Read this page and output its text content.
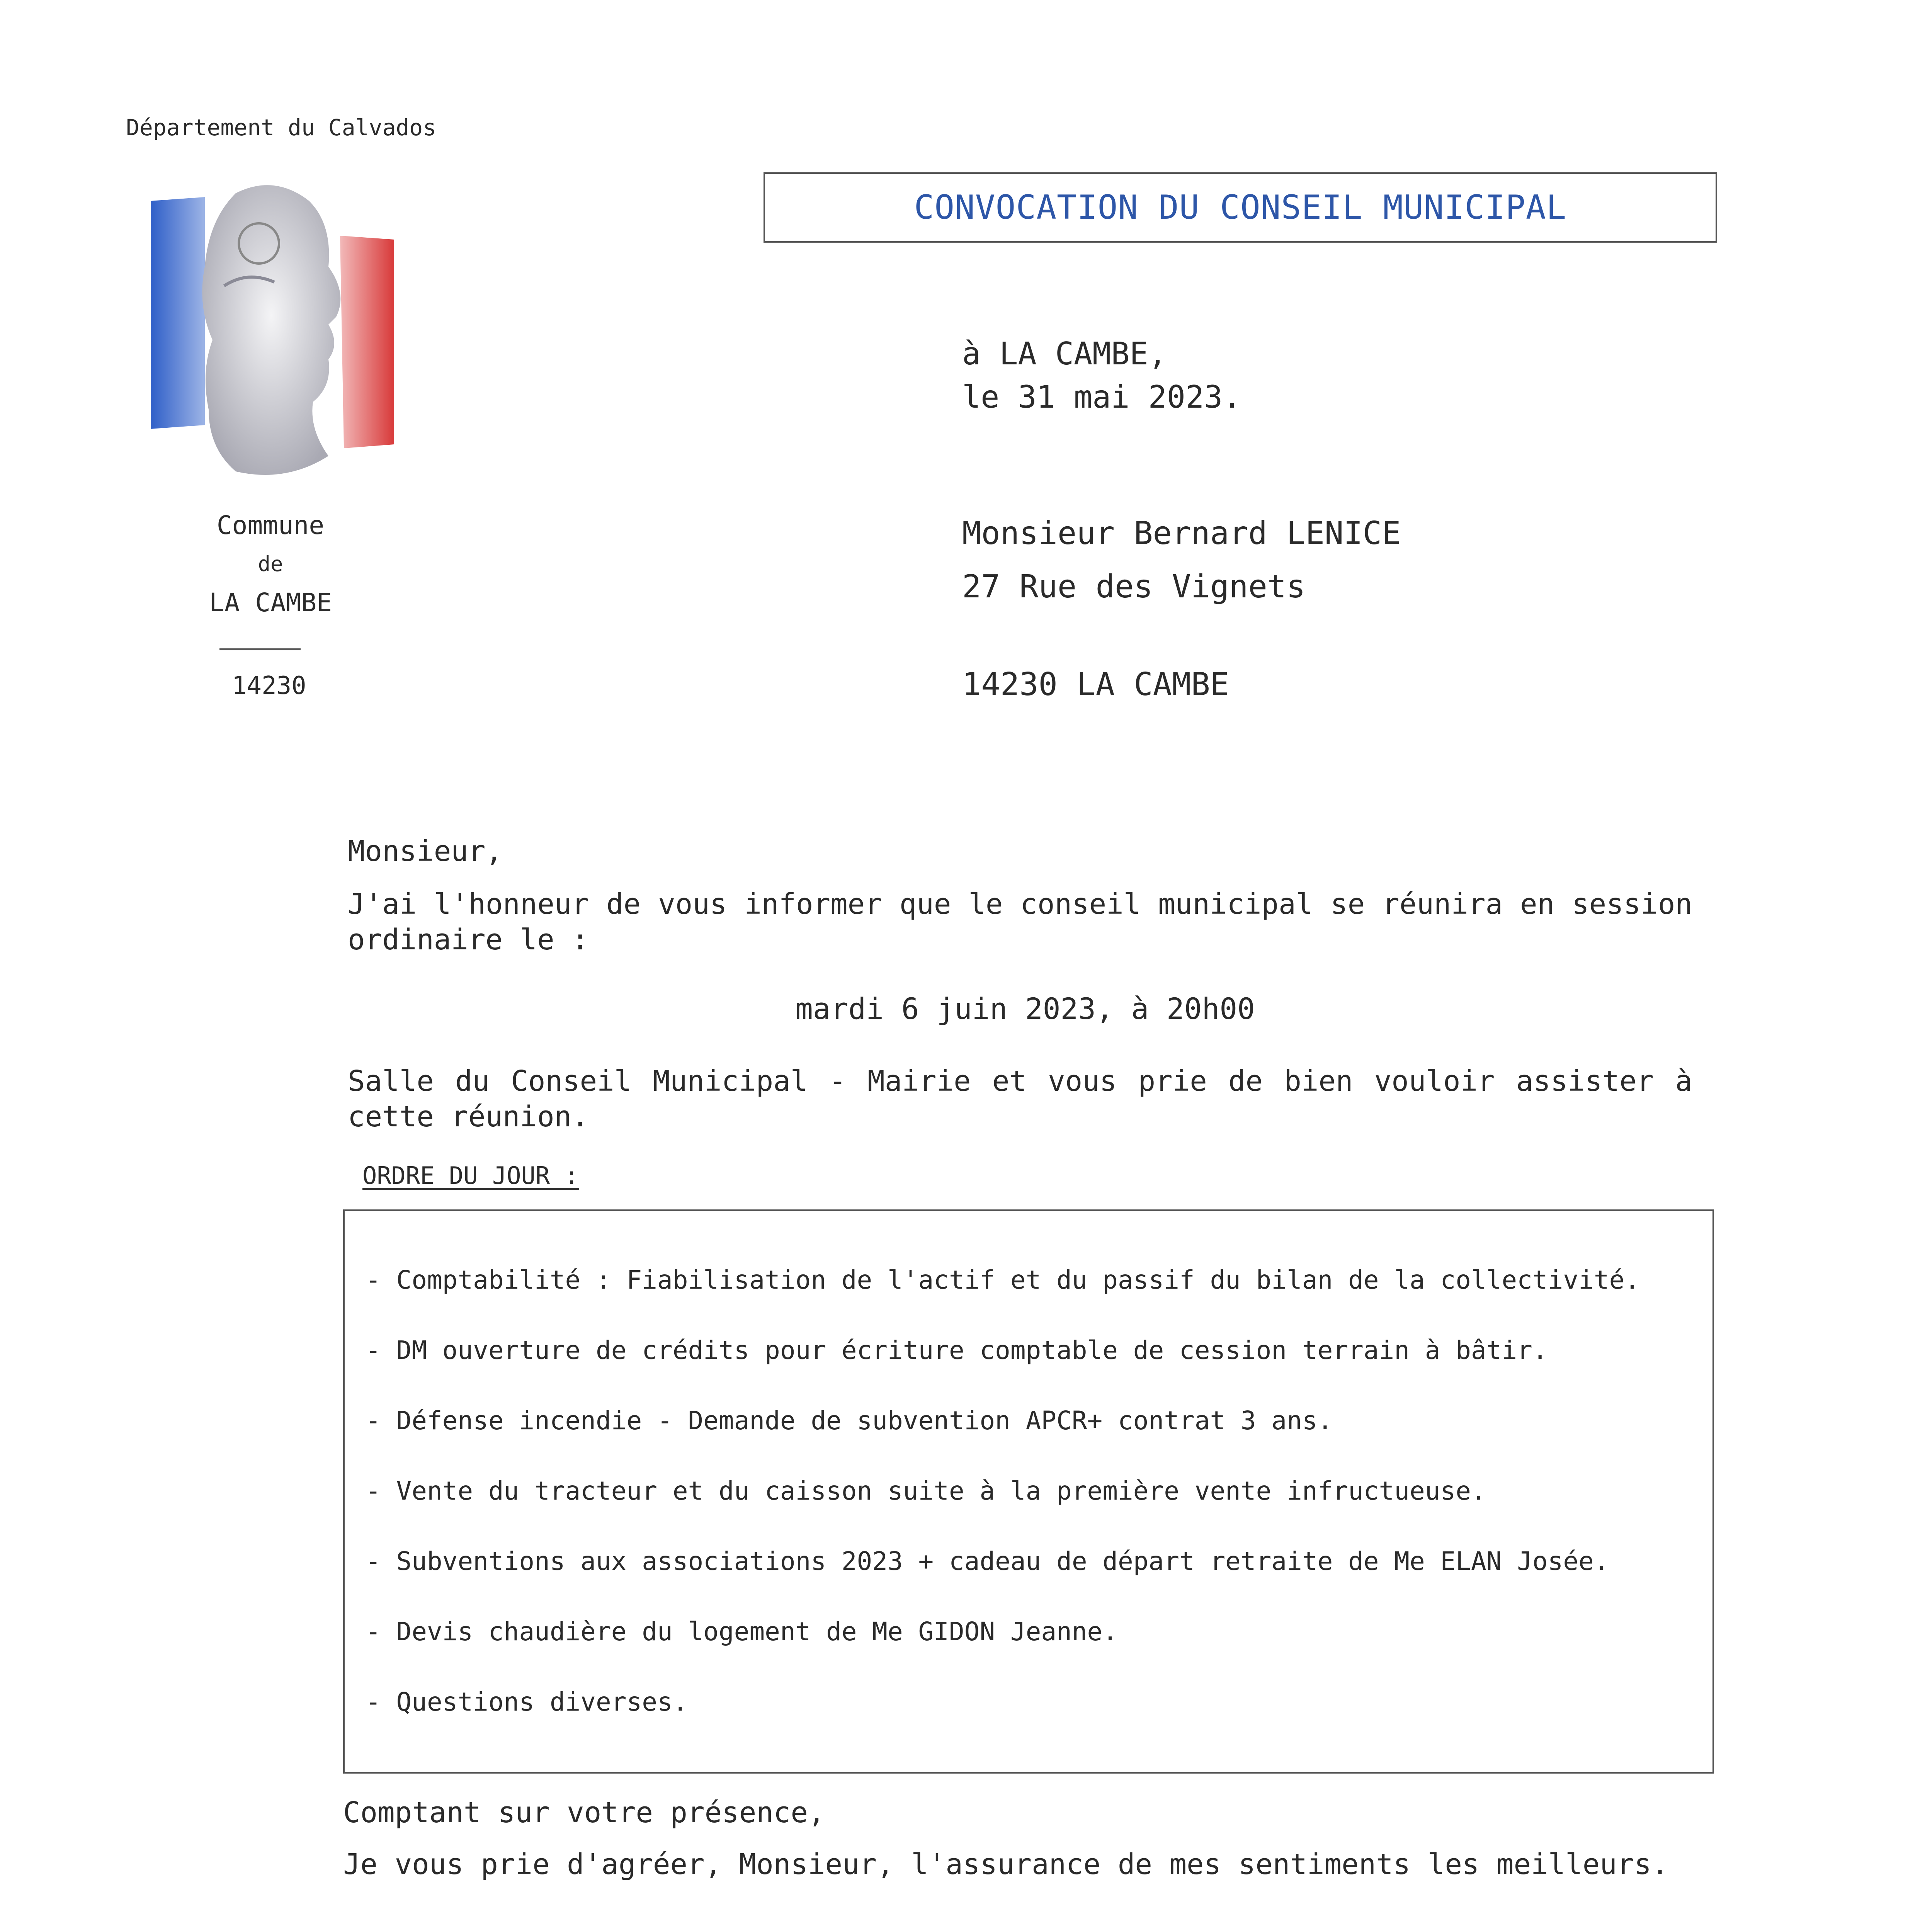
Département du Calvados
Commune
de
LA CAMBE
14230
CONVOCATION DU CONSEIL MUNICIPAL
à LA CAMBE,
le 31 mai 2023.
Monsieur Bernard LENICE
27 Rue des Vignets
14230 LA CAMBE
Monsieur,
J'ai l'honneur de vous informer que le conseil municipal se réunira en session ordinaire le :
mardi 6 juin 2023, à 20h00
Salle du Conseil Municipal - Mairie et vous prie de bien vouloir assister à cette réunion.
ORDRE DU JOUR :
- Comptabilité : Fiabilisation de l'actif et du passif du bilan de la collectivité.
- DM ouverture de crédits pour écriture comptable de cession terrain à bâtir.
- Défense incendie - Demande de subvention APCR+ contrat 3 ans.
- Vente du tracteur et du caisson suite à la première vente infructueuse.
- Subventions aux associations 2023 + cadeau de départ retraite de Me ELAN Josée.
- Devis chaudière du logement de Me GIDON Jeanne.
- Questions diverses.
Comptant sur votre présence,
Je vous prie d'agréer, Monsieur, l'assurance de mes sentiments les meilleurs.
